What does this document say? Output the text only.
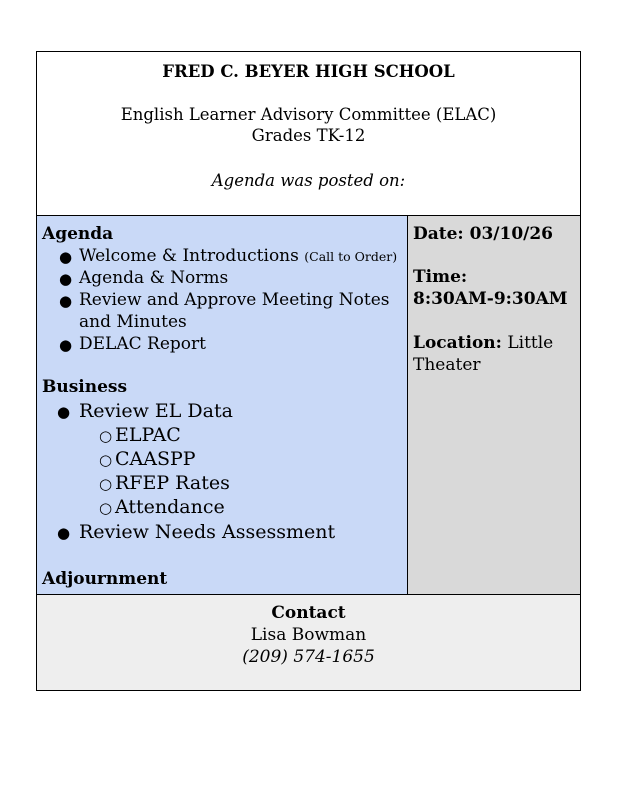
FRED C. BEYER HIGH SCHOOL
English Learner Advisory Committee (ELAC)
Grades TK-12
Agenda was posted on:
Agenda
● Welcome & Introductions (Call to Order)
● Agenda & Norms
● Review and Approve Meeting Notes
and Minutes
● DELAC Report
Business
● Review EL Data
○ ELPAC
○ CAASPP
○ RFEP Rates
○ Attendance
● Review Needs Assessment
Adjournment
Date: 03/10/26
Time:
8:30AM-9:30AM
Location: Little
Theater
Contact
Lisa Bowman
(209) 574-1655
